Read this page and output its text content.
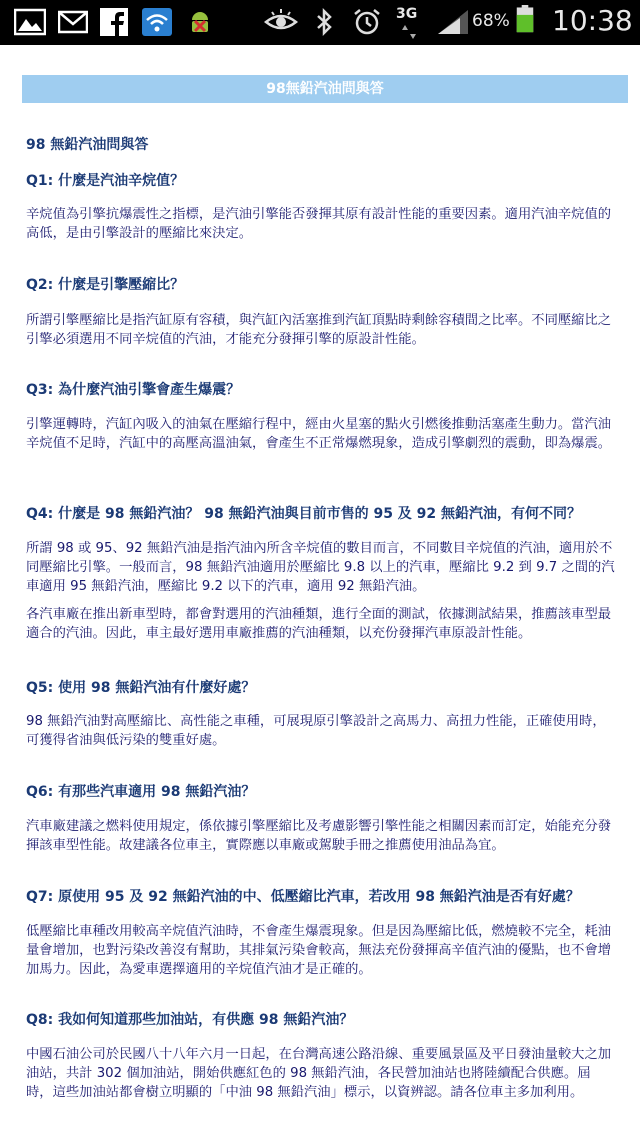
3G	68% 10:38
98無鉛汽油問與答
98 無鉛汽油問與答
Q1: 什麼是汽油辛烷值？
辛烷值為引擎抗爆震性之指標，是汽油引擎能否發揮其原有設計性能的重要因素。適用汽油辛烷值的高低，是由引擎設計的壓縮比來決定。
Q2: 什麼是引擎壓縮比？
所謂引擎壓縮比是指汽缸原有容積，與汽缸內活塞推到汽缸頂點時剩餘容積間之比率。不同壓縮比之引擎必須選用不同辛烷值的汽油，才能充分發揮引擎的原設計性能。
Q3: 為什麼汽油引擎會產生爆震？
引擎運轉時，汽缸內吸入的油氣在壓縮行程中，經由火星塞的點火引燃後推動活塞產生動力。當汽油辛烷值不足時，汽缸中的高壓高溫油氣，會產生不正常爆燃現象，造成引擎劇烈的震動，即為爆震。
Q4: 什麼是 98 無鉛汽油？ 98 無鉛汽油與目前市售的 95 及 92 無鉛汽油，有何不同？
所謂 98 或 95、92 無鉛汽油是指汽油內所含辛烷值的數目而言，不同數目辛烷值的汽油，適用於不同壓縮比引擎。一般而言，98 無鉛汽油適用於壓縮比 9.8 以上的汽車，壓縮比 9.2 到 9.7 之間的汽車適用 95 無鉛汽油，壓縮比 9.2 以下的汽車，適用 92 無鉛汽油。
各汽車廠在推出新車型時，都會對選用的汽油種類，進行全面的測試，依據測試結果，推薦該車型最適合的汽油。因此，車主最好選用車廠推薦的汽油種類，以充份發揮汽車原設計性能。
Q5: 使用 98 無鉛汽油有什麼好處？
98 無鉛汽油對高壓縮比、高性能之車種，可展現原引擎設計之高馬力、高扭力性能，正確使用時，可獲得省油與低污染的雙重好處。
Q6: 有那些汽車適用 98 無鉛汽油？
汽車廠建議之燃料使用規定，係依據引擎壓縮比及考慮影響引擎性能之相關因素而訂定，始能充分發揮該車型性能。故建議各位車主，實際應以車廠或駕駛手冊之推薦使用油品為宜。
Q7: 原使用 95 及 92 無鉛汽油的中、低壓縮比汽車，若改用 98 無鉛汽油是否有好處？
低壓縮比車種改用較高辛烷值汽油時，不會產生爆震現象。但是因為壓縮比低，燃燒較不完全，耗油量會增加，也對污染改善沒有幫助，其排氣污染會較高，無法充份發揮高辛值汽油的優點，也不會增加馬力。因此，為愛車選擇適用的辛烷值汽油才是正確的。
Q8: 我如何知道那些加油站，有供應 98 無鉛汽油？
中國石油公司於民國八十八年六月一日起，在台灣高速公路沿線、重要風景區及平日發油量較大之加油站，共計 302 個加油站，開始供應紅色的 98 無鉛汽油，各民營加油站也將陸續配合供應。屆時，這些加油站都會樹立明顯的「中油 98 無鉛汽油」標示，以資辨認。請各位車主多加利用。
